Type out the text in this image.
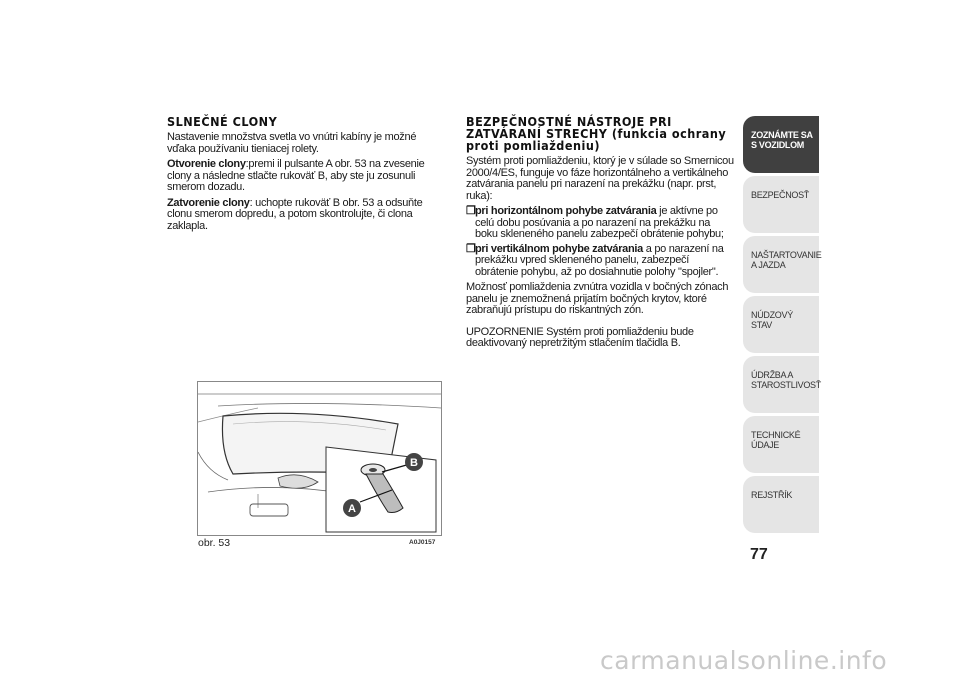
SLNEČNÉ CLONY

Nastavenie množstva svetla vo vnútri kabíny je možné vďaka používaniu tieniacej rolety.

Otvorenie clony:premi il pulsante A obr. 53 na zvesenie clony a následne stlačte rukoväť B, aby ste ju zosunuli smerom dozadu.

Zatvorenie clony: uchopte rukoväť B obr. 53 a odsuňte clonu smerom dopredu, a potom skontrolujte, či clona zaklapla.

BEZPEČNOSTNÉ NÁSTROJE PRI ZATVÁRANÍ STRECHY (funkcia ochrany proti pomliaždeniu)

Systém proti pomliaždeniu, ktorý je v súlade so Smernicou 2000/4/ES, funguje vo fáze horizontálneho a vertikálneho zatvárania panelu pri narazení na prekážku (napr. prst, ruka):

❒ pri horizontálnom pohybe zatvárania je aktívne po celú dobu posúvania a po narazení na prekážku na boku skleneného panelu zabezpečí obrátenie pohybu;
❒ pri vertikálnom pohybe zatvárania a po narazení na prekážku vpred skleneného panelu, zabezpečí obrátenie pohybu, až po dosiahnutie polohy "spojler".

Možnosť pomliaždenia zvnútra vozidla v bočných zónach panelu je znemožnená prijatím bočných krytov, ktoré zabraňujú prístupu do riskantných zón.

UPOZORNENIE Systém proti pomliaždeniu bude deaktivovaný nepretržitým stlačením tlačidla B.

A
B
obr. 53	A0J0157
ZOZNÁMTE SA S VOZIDLOM
BEZPEČNOSŤ
NAŠTARTOVANIE A JAZDA
NÚDZOVÝ STAV
ÚDRŽBA A STAROSTLIVOSŤ
TECHNICKÉ ÚDAJE
REJSTŘÍK
77
carmanualsonline.info
